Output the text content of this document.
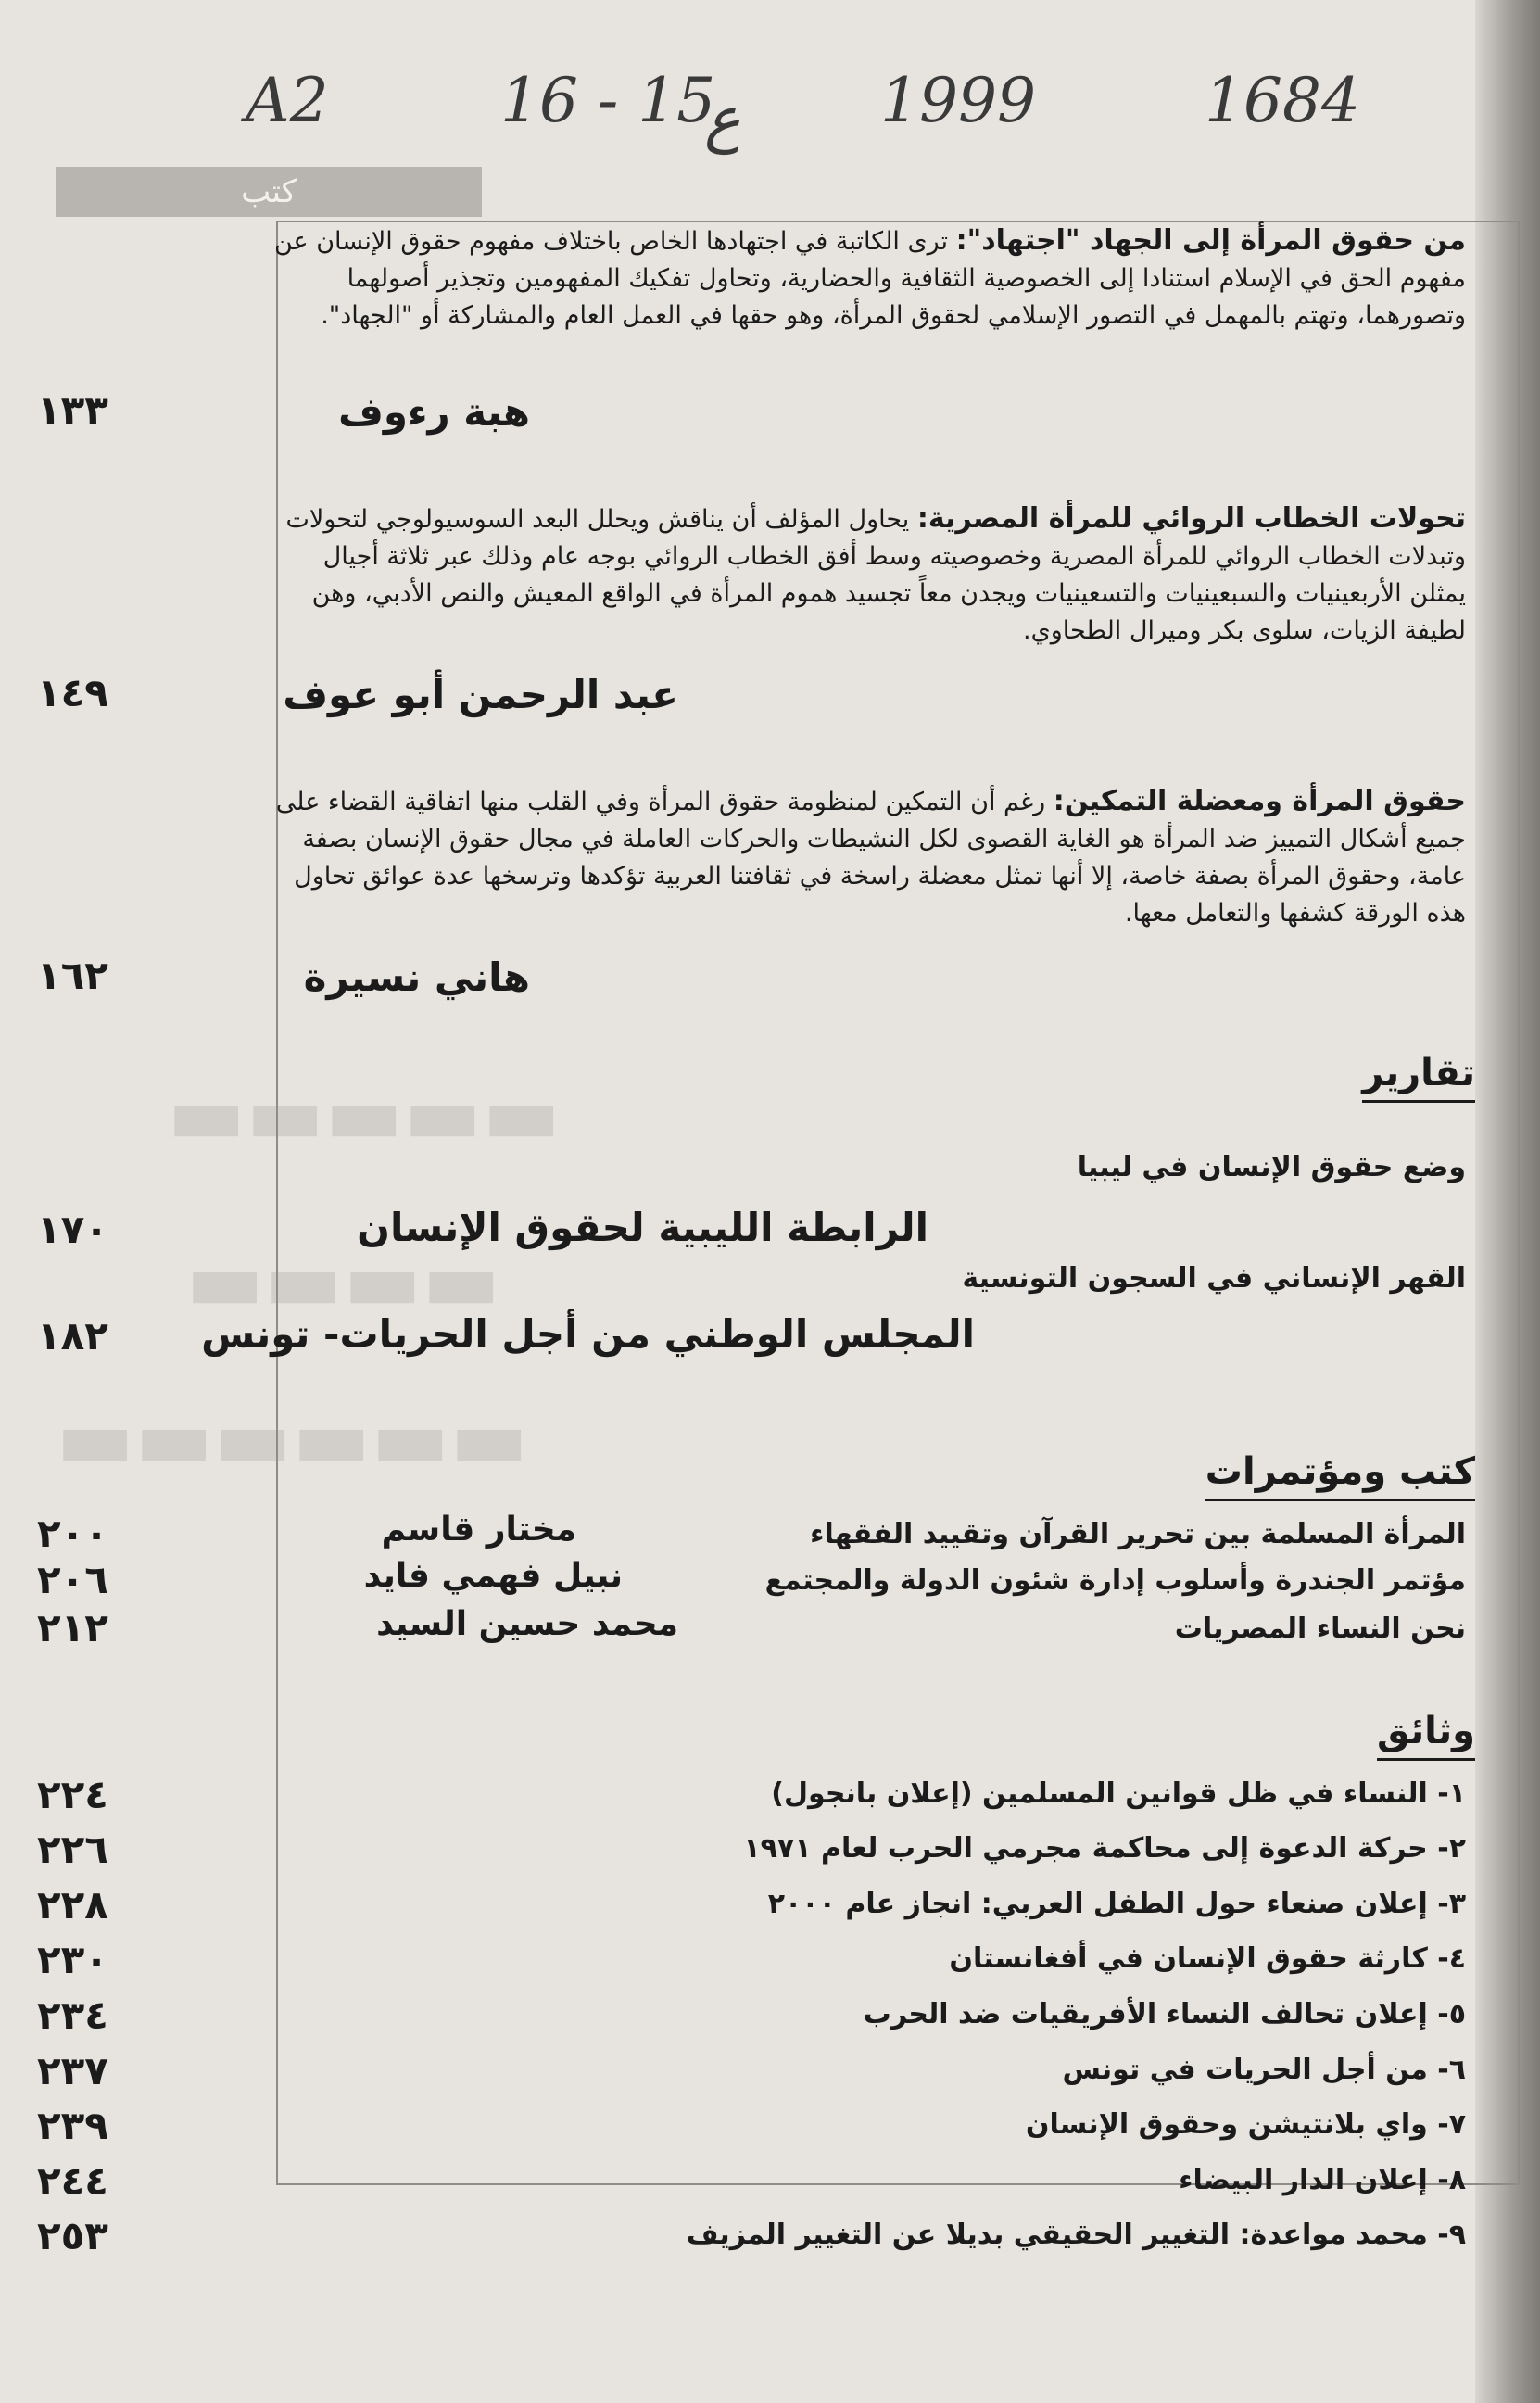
A2	16 - 15
ع 1999	1684
كتب
▬▬▬▬▬
▬▬▬▬
▬▬▬▬▬▬
من حقوق المرأة إلى الجهاد "اجتهاد": ترى الكاتبة في اجتهادها الخاص باختلاف مفهوم حقوق الإنسان عن مفهوم الحق في الإسلام استنادا إلى الخصوصية الثقافية والحضارية، وتحاول تفكيك المفهومين وتجذير أصولهما وتصورهما، وتهتم بالمهمل في التصور الإسلامي لحقوق المرأة، وهو حقها في العمل العام والمشاركة أو "الجهاد".
هبة رءوف
١٣٣
تحولات الخطاب الروائي للمرأة المصرية: يحاول المؤلف أن يناقش ويحلل البعد السوسيولوجي لتحولات وتبدلات الخطاب الروائي للمرأة المصرية وخصوصيته وسط أفق الخطاب الروائي بوجه عام وذلك عبر ثلاثة أجيال يمثلن الأربعينيات والسبعينيات والتسعينيات ويجدن معاً تجسيد هموم المرأة في الواقع المعيش والنص الأدبي، وهن لطيفة الزيات، سلوى بكر وميرال الطحاوي.
عبد الرحمن أبو عوف
١٤٩
حقوق المرأة ومعضلة التمكين: رغم أن التمكين لمنظومة حقوق المرأة وفي القلب منها اتفاقية القضاء على جميع أشكال التمييز ضد المرأة هو الغاية القصوى لكل النشيطات والحركات العاملة في مجال حقوق الإنسان بصفة عامة، وحقوق المرأة بصفة خاصة، إلا أنها تمثل معضلة راسخة في ثقافتنا العربية تؤكدها وترسخها عدة عوائق تحاول هذه الورقة كشفها والتعامل معها.
هاني نسيرة
١٦٢
تقارير
وضع حقوق الإنسان في ليبيا
الرابطة الليبية لحقوق الإنسان
١٧٠
القهر الإنساني في السجون التونسية
المجلس الوطني من أجل الحريات- تونس
١٨٢
كتب ومؤتمرات
المرأة المسلمة بين تحرير القرآن وتقييد الفقهاء
مختار قاسم
٢٠٠
مؤتمر الجندرة وأسلوب إدارة شئون الدولة والمجتمع
نبيل فهمي فايد
٢٠٦
نحن النساء المصريات
محمد حسين السيد
٢١٢
وثائق
١- النساء في ظل قوانين المسلمين (إعلان بانجول)
٢٢٤
٢- حركة الدعوة إلى محاكمة مجرمي الحرب لعام ١٩٧١
٢٢٦
٣- إعلان صنعاء حول الطفل العربي: انجاز عام ٢٠٠٠
٢٢٨
٤- كارثة حقوق الإنسان في أفغانستان
٢٣٠
٥- إعلان تحالف النساء الأفريقيات ضد الحرب
٢٣٤
٦- من أجل الحريات في تونس
٢٣٧
٧- واي بلانتيشن وحقوق الإنسان
٢٣٩
٨- إعلان الدار البيضاء
٢٤٤
٩- محمد مواعدة: التغيير الحقيقي بديلا عن التغيير المزيف
٢٥٣
